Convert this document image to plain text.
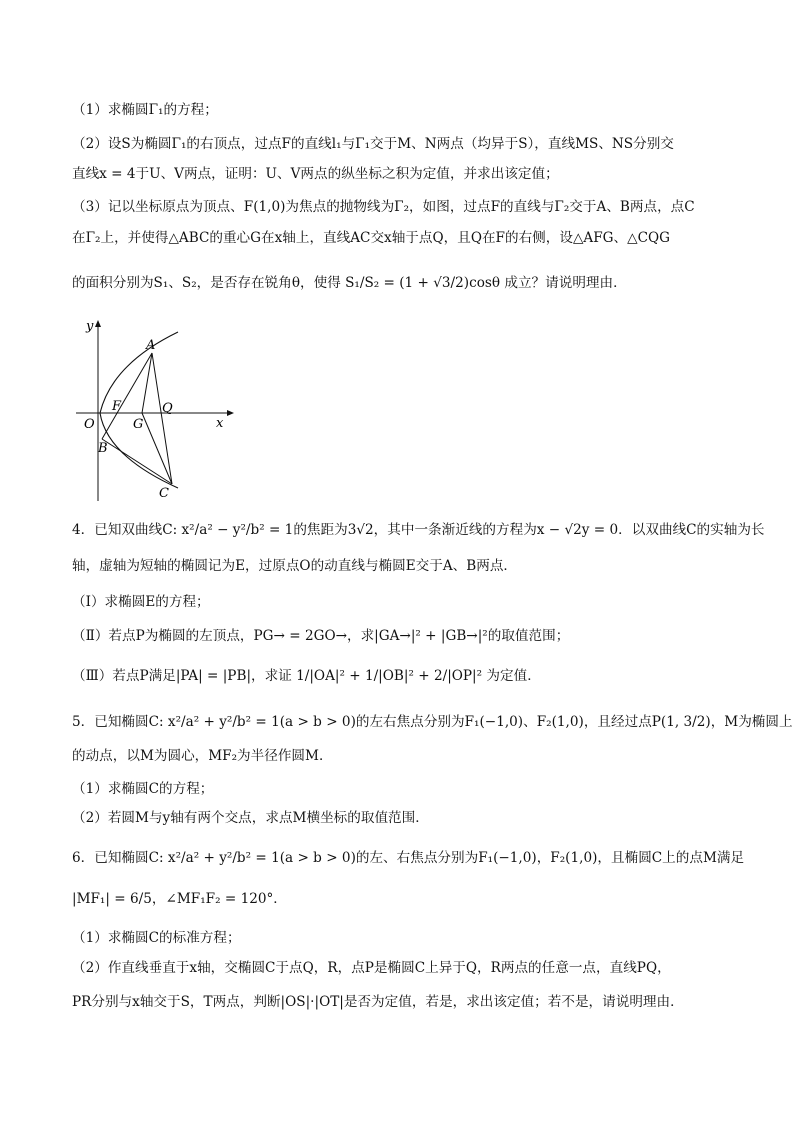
（1）求椭圆Γ₁的方程；
（2）设S为椭圆Γ₁的右顶点，过点F的直线l₁与Γ₁交于M、N两点（均异于S），直线MS、NS分别交
直线x = 4于U、V两点，证明：U、V两点的纵坐标之积为定值，并求出该定值；
（3）记以坐标原点为顶点、F(1,0)为焦点的抛物线为Γ₂，如图，过点F的直线与Γ₂交于A、B两点，点C
在Γ₂上，并使得△ABC的重心G在x轴上，直线AC交x轴于点Q，且Q在F的右侧，设△AFG、△CQG
的面积分别为S₁、S₂，是否存在锐角θ，使得 S₁/S₂ = (1 + √3/2)cosθ 成立？请说明理由．
y
x
A
F	Q
O	G
B
C
4．已知双曲线C: x²/a² − y²/b² = 1的焦距为3√2，其中一条渐近线的方程为x − √2y = 0．以双曲线C的实轴为长
轴，虚轴为短轴的椭圆记为E，过原点O的动直线与椭圆E交于A、B两点．
（Ⅰ）求椭圆E的方程；
（Ⅱ）若点P为椭圆的左顶点，PG→ = 2GO→，求|GA→|² + |GB→|²的取值范围；
（Ⅲ）若点P满足|PA| = |PB|，求证 1/|OA|² + 1/|OB|² + 2/|OP|² 为定值．
5．已知椭圆C: x²/a² + y²/b² = 1(a > b > 0)的左右焦点分别为F₁(−1,0)、F₂(1,0)，且经过点P(1, 3/2)，M为椭圆上
的动点，以M为圆心，MF₂为半径作圆M．
（1）求椭圆C的方程；
（2）若圆M与y轴有两个交点，求点M横坐标的取值范围．
6．已知椭圆C: x²/a² + y²/b² = 1(a > b > 0)的左、右焦点分别为F₁(−1,0)，F₂(1,0)，且椭圆C上的点M满足
|MF₁| = 6/5，∠MF₁F₂ = 120°．
（1）求椭圆C的标准方程；
（2）作直线垂直于x轴，交椭圆C于点Q，R，点P是椭圆C上异于Q，R两点的任意一点，直线PQ，
PR分别与x轴交于S，T两点，判断|OS|·|OT|是否为定值，若是，求出该定值；若不是，请说明理由．
